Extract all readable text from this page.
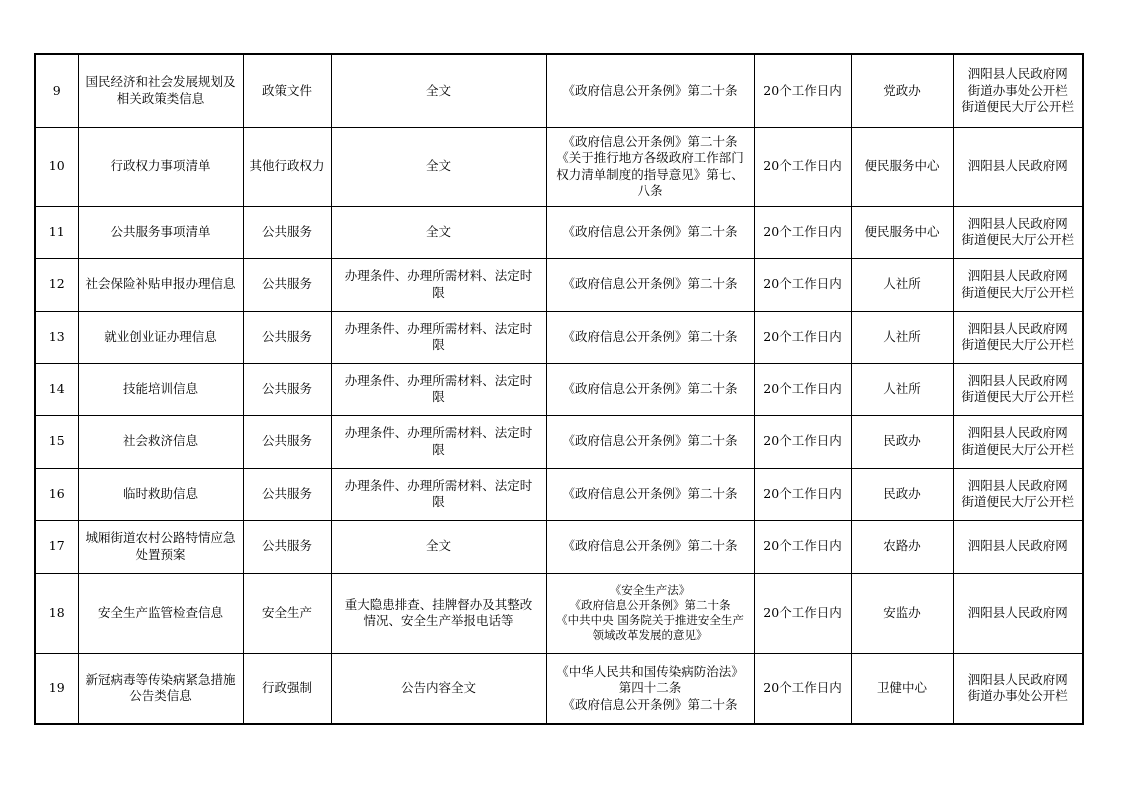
9	国民经济和社会发展规划及
相关政策类信息	政策文件	全文	《政府信息公开条例》第二十条	20个工作日内	党政办	泗阳县人民政府网
街道办事处公开栏
街道便民大厅公开栏

10	行政权力事项清单	其他行政权力	全文	《政府信息公开条例》第二十条
《关于推行地方各级政府工作部门
权力清单制度的指导意见》第七、
八条	20个工作日内	便民服务中心	泗阳县人民政府网

11	公共服务事项清单	公共服务	全文	《政府信息公开条例》第二十条	20个工作日内	便民服务中心	泗阳县人民政府网
街道便民大厅公开栏

12	社会保险补贴申报办理信息	公共服务	办理条件、办理所需材料、法定时
限	《政府信息公开条例》第二十条	20个工作日内	人社所	泗阳县人民政府网
街道便民大厅公开栏

13	就业创业证办理信息	公共服务	办理条件、办理所需材料、法定时
限	《政府信息公开条例》第二十条	20个工作日内	人社所	泗阳县人民政府网
街道便民大厅公开栏

14	技能培训信息	公共服务	办理条件、办理所需材料、法定时
限	《政府信息公开条例》第二十条	20个工作日内	人社所	泗阳县人民政府网
街道便民大厅公开栏

15	社会救济信息	公共服务	办理条件、办理所需材料、法定时
限	《政府信息公开条例》第二十条	20个工作日内	民政办	泗阳县人民政府网
街道便民大厅公开栏

16	临时救助信息	公共服务	办理条件、办理所需材料、法定时
限	《政府信息公开条例》第二十条	20个工作日内	民政办	泗阳县人民政府网
街道便民大厅公开栏

17	城厢街道农村公路特情应急
处置预案	公共服务	全文	《政府信息公开条例》第二十条	20个工作日内	农路办	泗阳县人民政府网

18	安全生产监管检查信息	安全生产	重大隐患排查、挂牌督办及其整改
情况、安全生产举报电话等	《安全生产法》
《政府信息公开条例》第二十条
《中共中央 国务院关于推进安全生产
领域改革发展的意见》	20个工作日内	安监办	泗阳县人民政府网

19	新冠病毒等传染病紧急措施
公告类信息	行政强制	公告内容全文	《中华人民共和国传染病防治法》
第四十二条
《政府信息公开条例》第二十条	20个工作日内	卫健中心	泗阳县人民政府网
街道办事处公开栏
